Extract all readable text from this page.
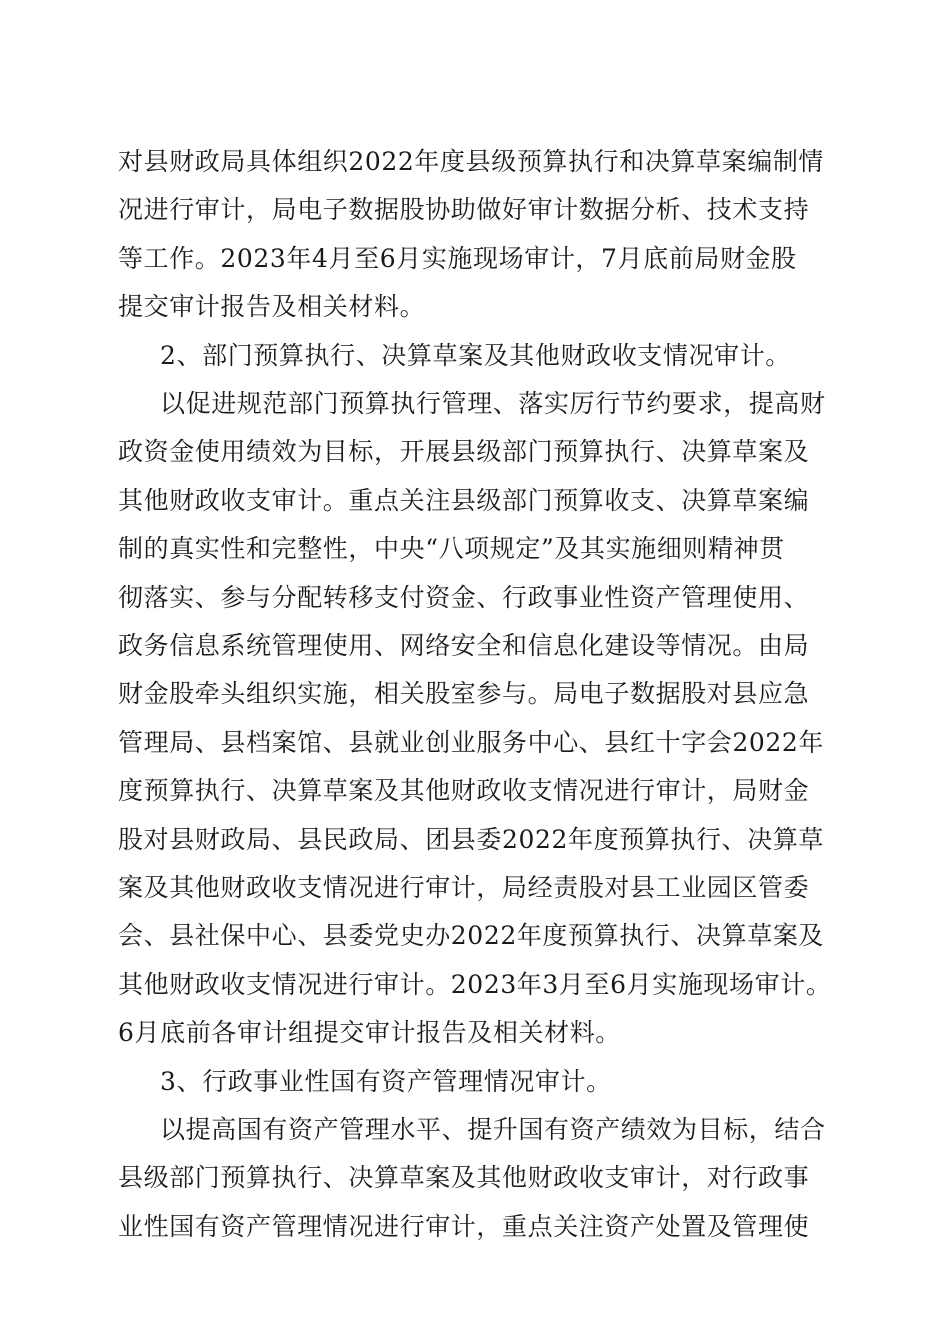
对县财政局具体组织2022年度县级预算执行和决算草案编制情
况进行审计，局电子数据股协助做好审计数据分析、技术支持
等工作。2023年4月至6月实施现场审计，7月底前局财金股
提交审计报告及相关材料。
2、部门预算执行、决算草案及其他财政收支情况审计。
以促进规范部门预算执行管理、落实厉行节约要求，提高财
政资金使用绩效为目标，开展县级部门预算执行、决算草案及
其他财政收支审计。重点关注县级部门预算收支、决算草案编
制的真实性和完整性，中央“八项规定”及其实施细则精神贯
彻落实、参与分配转移支付资金、行政事业性资产管理使用、
政务信息系统管理使用、网络安全和信息化建设等情况。由局
财金股牵头组织实施，相关股室参与。局电子数据股对县应急
管理局、县档案馆、县就业创业服务中心、县红十字会2022年
度预算执行、决算草案及其他财政收支情况进行审计，局财金
股对县财政局、县民政局、团县委2022年度预算执行、决算草
案及其他财政收支情况进行审计，局经责股对县工业园区管委
会、县社保中心、县委党史办2022年度预算执行、决算草案及
其他财政收支情况进行审计。2023年3月至6月实施现场审计。
6月底前各审计组提交审计报告及相关材料。
3、行政事业性国有资产管理情况审计。
以提高国有资产管理水平、提升国有资产绩效为目标，结合
县级部门预算执行、决算草案及其他财政收支审计，对行政事
业性国有资产管理情况进行审计，重点关注资产处置及管理使
